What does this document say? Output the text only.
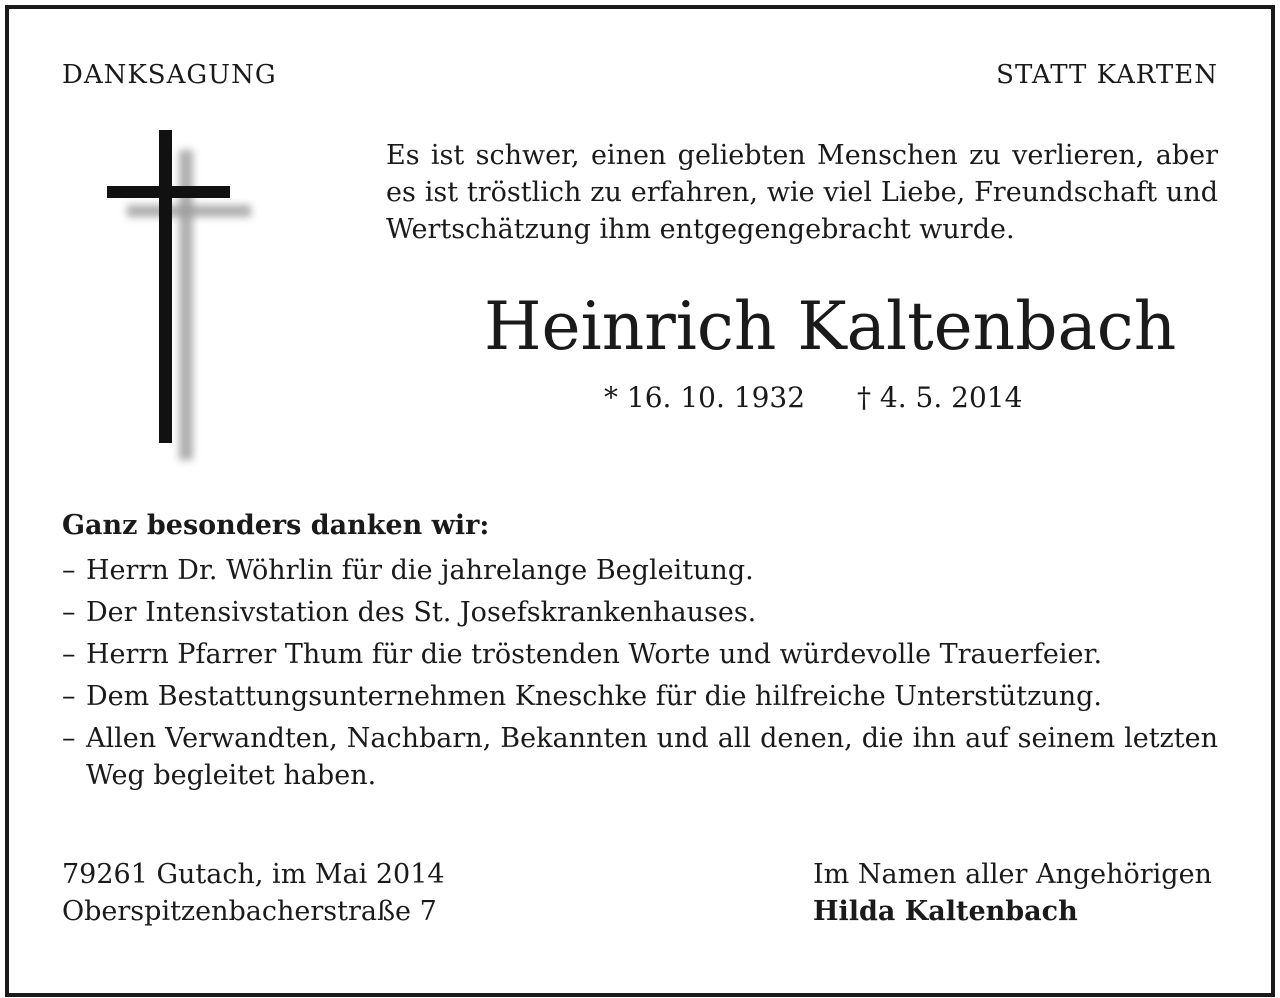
DANKSAGUNG	STATT KARTEN
Es ist schwer, einen geliebten Menschen zu verlieren, aber es ist tröstlich zu erfahren, wie viel Liebe, Freundschaft und Wertschätzung ihm entgegengebracht wurde.
Heinrich Kaltenbach
* 16. 10. 1932 † 4. 5. 2014
Ganz besonders danken wir:
– Herrn Dr. Wöhrlin für die jahrelange Begleitung.
– Der Intensivstation des St. Josefskrankenhauses.
– Herrn Pfarrer Thum für die tröstenden Worte und würdevolle Trauerfeier.
– Dem Bestattungsunternehmen Kneschke für die hilfreiche Unterstützung.
– Allen Verwandten, Nachbarn, Bekannten und all denen, die ihn auf seinem letzten Weg begleitet haben.
79261 Gutach, im Mai 2014
Oberspitzenbacherstraße 7
Im Namen aller Angehörigen
Hilda Kaltenbach
